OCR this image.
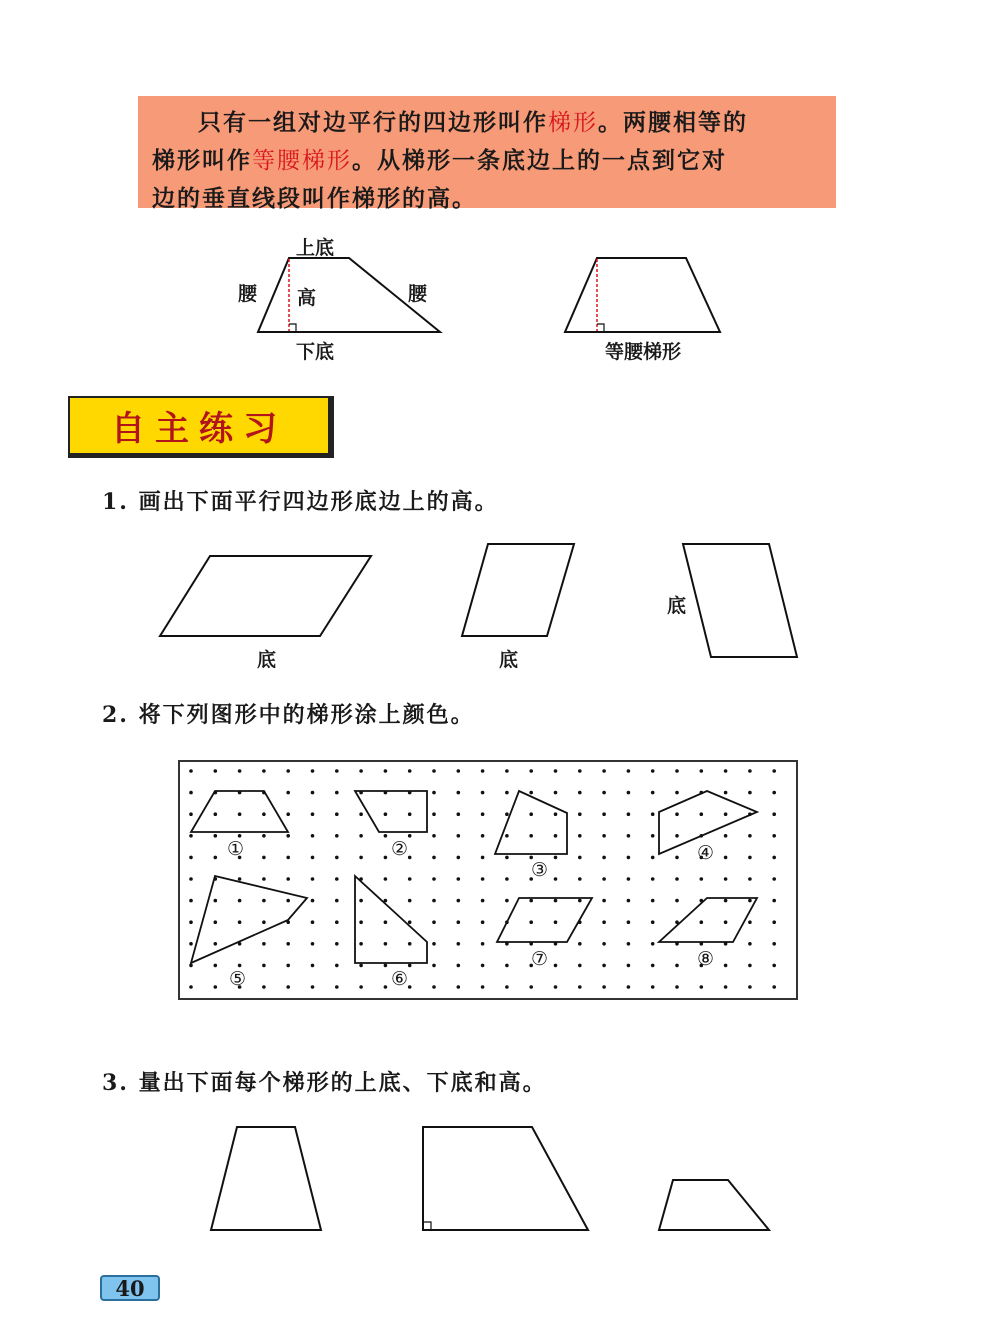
只有一组对边平行的四边形叫作梯形。两腰相等的
梯形叫作等腰梯形。从梯形一条底边上的一点到它对
边的垂直线段叫作梯形的高。
上底
腰 高	腰
下底	等腰梯形
自主练习
1. 画出下面平行四边形底边上的高。
底	底
底
2. 将下列图形中的梯形涂上颜色。
①	②
③
④
⑤	⑥
⑦	⑧
3. 量出下面每个梯形的上底、下底和高。
40
